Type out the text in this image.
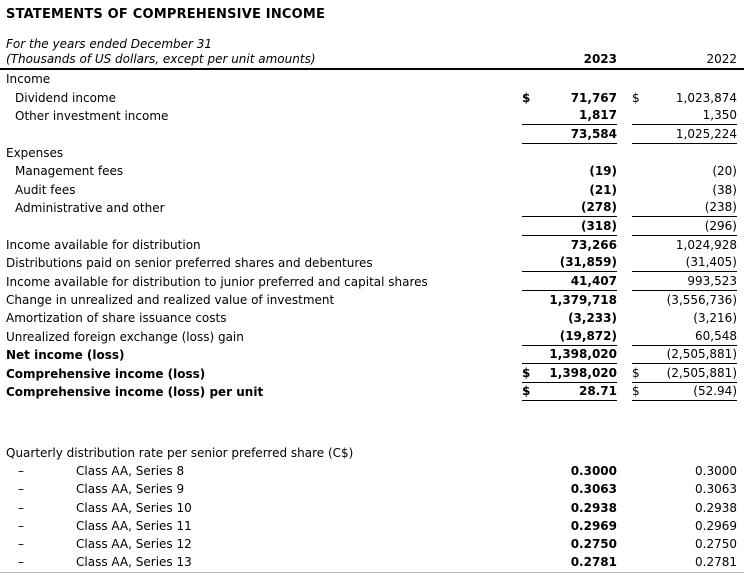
STATEMENTS OF COMPREHENSIVE INCOME
For the years ended December 31
(Thousands of US dollars, except per unit amounts)	2023	2022
Income
Dividend income	$	71,767 $	1,023,874
Other investment income	1,817	1,350
73,584	1,025,224
Expenses
Management fees	(19)	(20)
Audit fees	(21)	(38)
Administrative and other	(278)	(238)
(318)	(296)
Income available for distribution	73,266	1,024,928
Distributions paid on senior preferred shares and debentures	(31,859)	(31,405)
Income available for distribution to junior preferred and capital shares	41,407	993,523
Change in unrealized and realized value of investment	1,379,718	(3,556,736)
Amortization of share issuance costs	(3,233)	(3,216)
Unrealized foreign exchange (loss) gain	(19,872)	60,548
Net income (loss)	1,398,020	(2,505,881)
Comprehensive income (loss)	$ 1,398,020 $ (2,505,881)
Comprehensive income (loss) per unit	$	28.71 $	(52.94)
Quarterly distribution rate per senior preferred share (C$)
–	Class AA, Series 8	0.3000	0.3000
–	Class AA, Series 9	0.3063	0.3063
–	Class AA, Series 10	0.2938	0.2938
–	Class AA, Series 11	0.2969	0.2969
–	Class AA, Series 12	0.2750	0.2750
–	Class AA, Series 13	0.2781	0.2781
